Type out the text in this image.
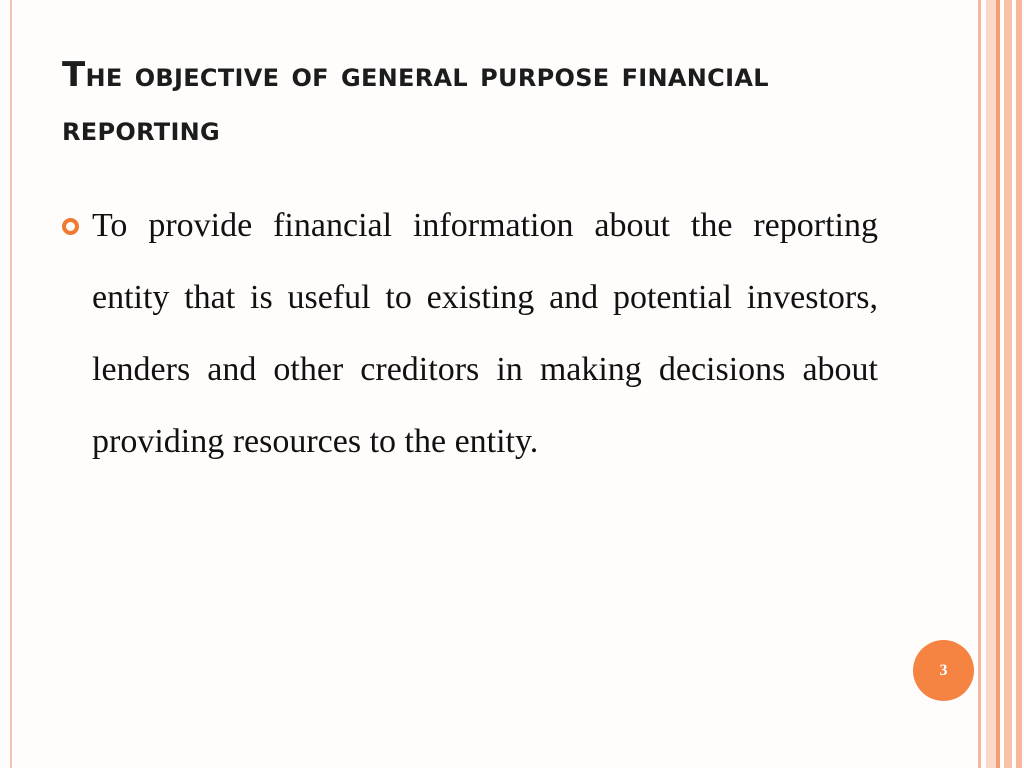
The objective of general purpose financial reporting

To provide financial information about the reporting entity that is useful to existing and potential investors, lenders and other creditors in making decisions about providing resources to the entity.

3
